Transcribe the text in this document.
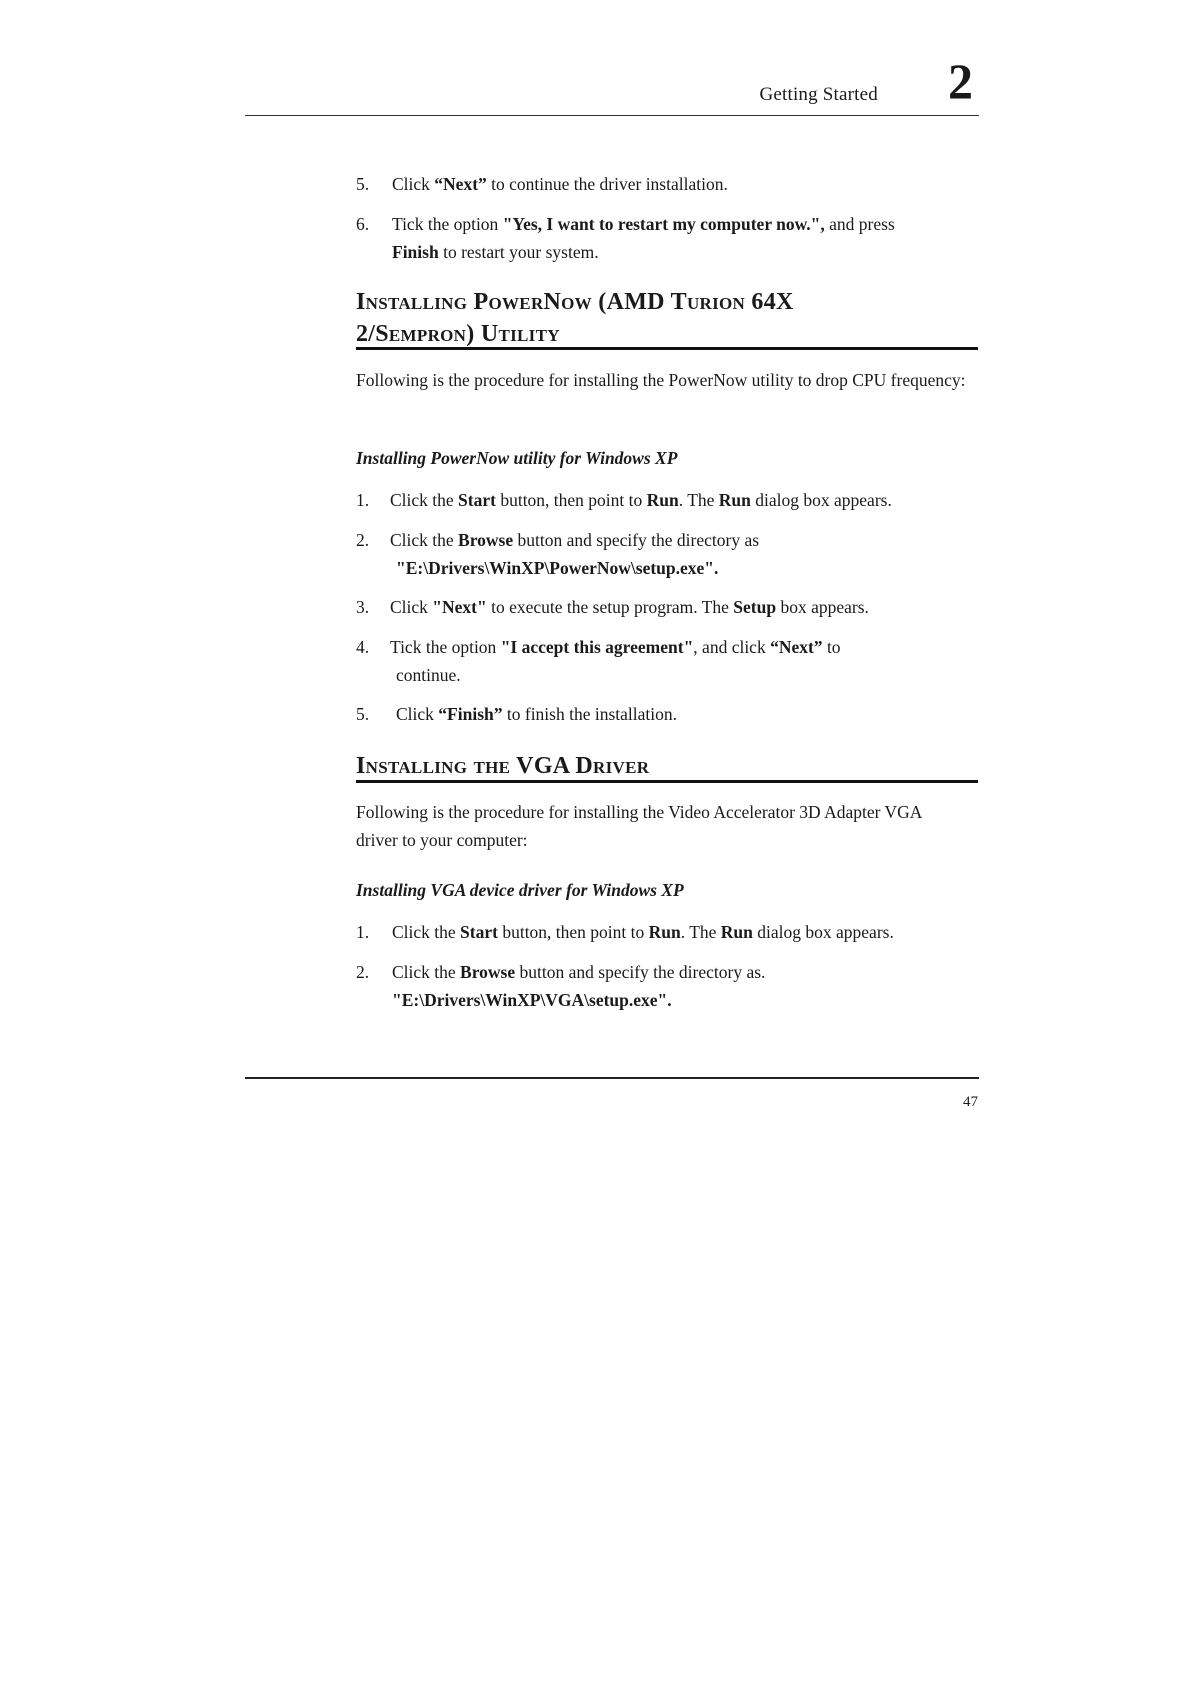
Getting Started 2
5. Click “Next” to continue the driver installation.
6. Tick the option "Yes, I want to restart my computer now.", and press
Finish to restart your system.
Installing PowerNow (AMD Turion 64X
2/Sempron) Utility
Following is the procedure for installing the PowerNow utility to drop CPU frequency:
Installing PowerNow utility for Windows XP
1. Click the Start button, then point to Run. The Run dialog box appears.
2. Click the Browse button and specify the directory as
"E:\Drivers\WinXP\PowerNow\setup.exe".
3. Click "Next" to execute the setup program. The Setup box appears.
4. Tick the option "I accept this agreement", and click “Next” to
continue.
5. Click “Finish” to finish the installation.
Installing the VGA Driver
Following is the procedure for installing the Video Accelerator 3D Adapter VGA driver to your computer:
Installing VGA device driver for Windows XP
1. Click the Start button, then point to Run. The Run dialog box appears.
2. Click the Browse button and specify the directory as.
"E:\Drivers\WinXP\VGA\setup.exe".
47
